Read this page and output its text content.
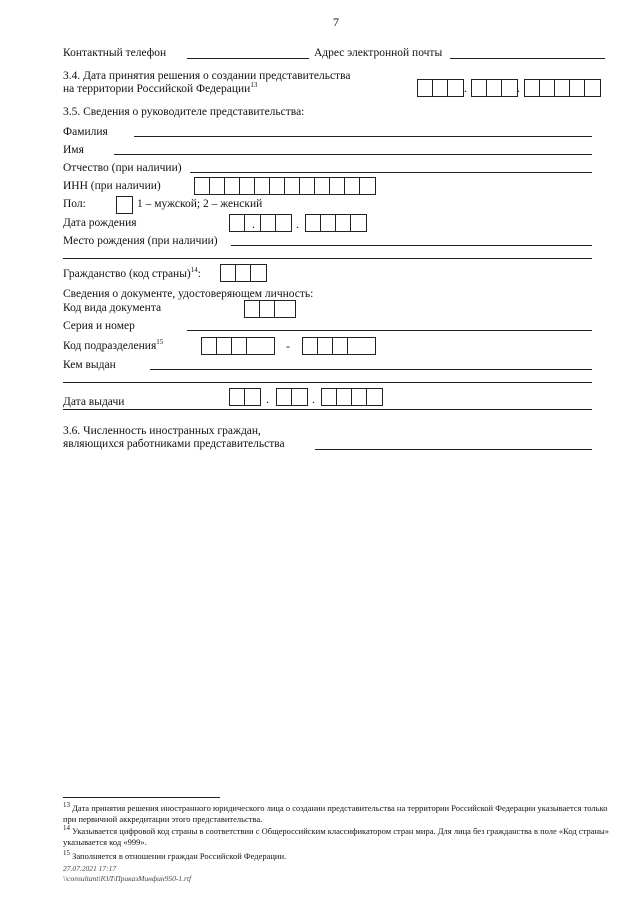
7
Контактный телефон	Адрес электронной почты
3.4. Дата принятия решения о создании представительства
на территории Российской Федерации$^{13}$	.	.
3.5. Сведения о руководителе представительства:
Фамилия
Имя
Отчество (при наличии)
ИНН (при наличии)
Пол:	1 – мужской; 2 – женский
Дата рождения	.	.
Место рождения (при наличии)
Гражданство (код страны)$^{14}$:
Сведения о документе, удостоверяющем личность:
Код вида документа
Серия и номер
Код подразделения$^{15}$	-
Кем выдан
Дата выдачи	.	.
3.6. Численность иностранных граждан,
являющихся работниками представительства
$^{13}$ Дата принятия решения иностранного юридического лица о создании представительства на территории Российской Федерации указывается только при первичной аккредитации этого представительства.
$^{14}$ Указывается цифровой код страны в соответствии с Общероссийским классификатором стран мира. Для лица без гражданства в поле «Код страны» указывается код «999».
$^{15}$ Заполняется в отношении граждан Российской Федерации.
27.07.2021 17:17
\\consultant\ЮЛ\ПриказМинфин950-1.rtf
